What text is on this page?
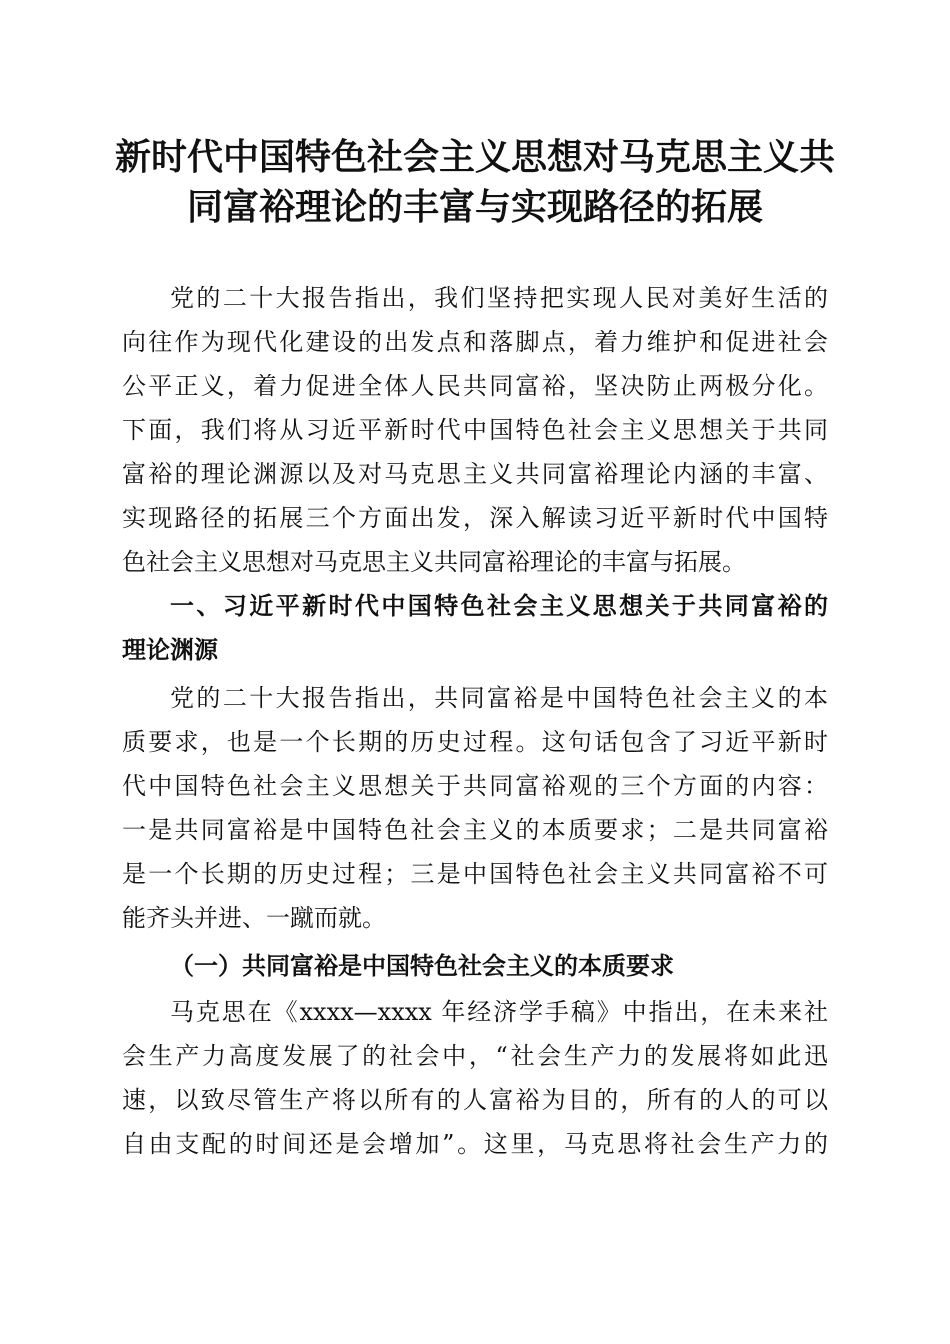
新时代中国特色社会主义思想对马克思主义共
同富裕理论的丰富与实现路径的拓展
党的二十大报告指出，我们坚持把实现人民对美好生活的
向往作为现代化建设的出发点和落脚点，着力维护和促进社会
公平正义，着力促进全体人民共同富裕，坚决防止两极分化。
下面，我们将从习近平新时代中国特色社会主义思想关于共同
富裕的理论渊源以及对马克思主义共同富裕理论内涵的丰富、
实现路径的拓展三个方面出发，深入解读习近平新时代中国特
色社会主义思想对马克思主义共同富裕理论的丰富与拓展。
一、习近平新时代中国特色社会主义思想关于共同富裕的
理论渊源
党的二十大报告指出，共同富裕是中国特色社会主义的本
质要求，也是一个长期的历史过程。这句话包含了习近平新时
代中国特色社会主义思想关于共同富裕观的三个方面的内容：
一是共同富裕是中国特色社会主义的本质要求；二是共同富裕
是一个长期的历史过程；三是中国特色社会主义共同富裕不可
能齐头并进、一蹴而就。
（一）共同富裕是中国特色社会主义的本质要求
马克思在《xxxx—xxxx 年经济学手稿》中指出，在未来社
会生产力高度发展了的社会中，“社会生产力的发展将如此迅
速，以致尽管生产将以所有的人富裕为目的，所有的人的可以
自由支配的时间还是会增加”。这里，马克思将社会生产力的
